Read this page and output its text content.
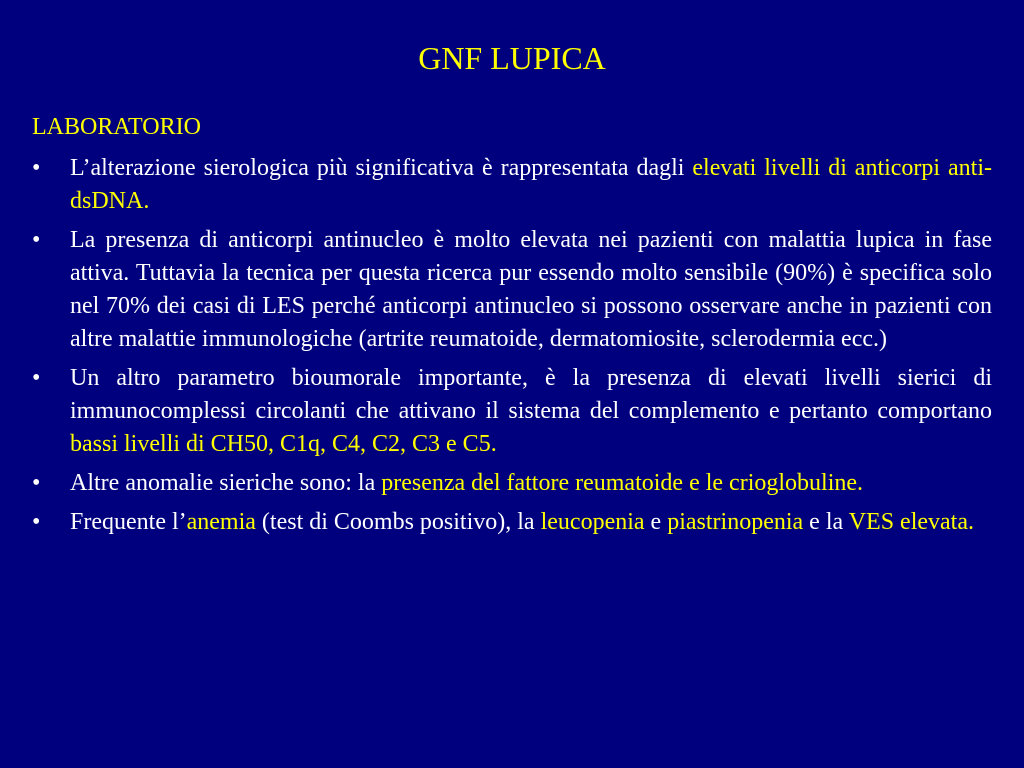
GNF LUPICA
LABORATORIO
•	L’alterazione sierologica più significativa è rappresentata dagli elevati livelli di anticorpi anti-dsDNA.
•	La presenza di anticorpi antinucleo è molto elevata nei pazienti con malattia lupica in fase attiva. Tuttavia la tecnica per questa ricerca pur essendo molto sensibile (90%) è specifica solo nel 70% dei casi di LES perché anticorpi antinucleo si possono osservare anche in pazienti con altre malattie immunologiche (artrite reumatoide, dermatomiosite, sclerodermia ecc.)
•	Un altro parametro bioumorale importante, è la presenza di elevati livelli sierici di immunocomplessi circolanti che attivano il sistema del complemento e pertanto comportano bassi livelli di CH50, C1q, C4, C2, C3 e C5.
•	Altre anomalie sieriche sono: la presenza del fattore reumatoide e le crioglobuline.
•	Frequente l’anemia (test di Coombs positivo), la leucopenia e piastrinopenia e la VES elevata.
